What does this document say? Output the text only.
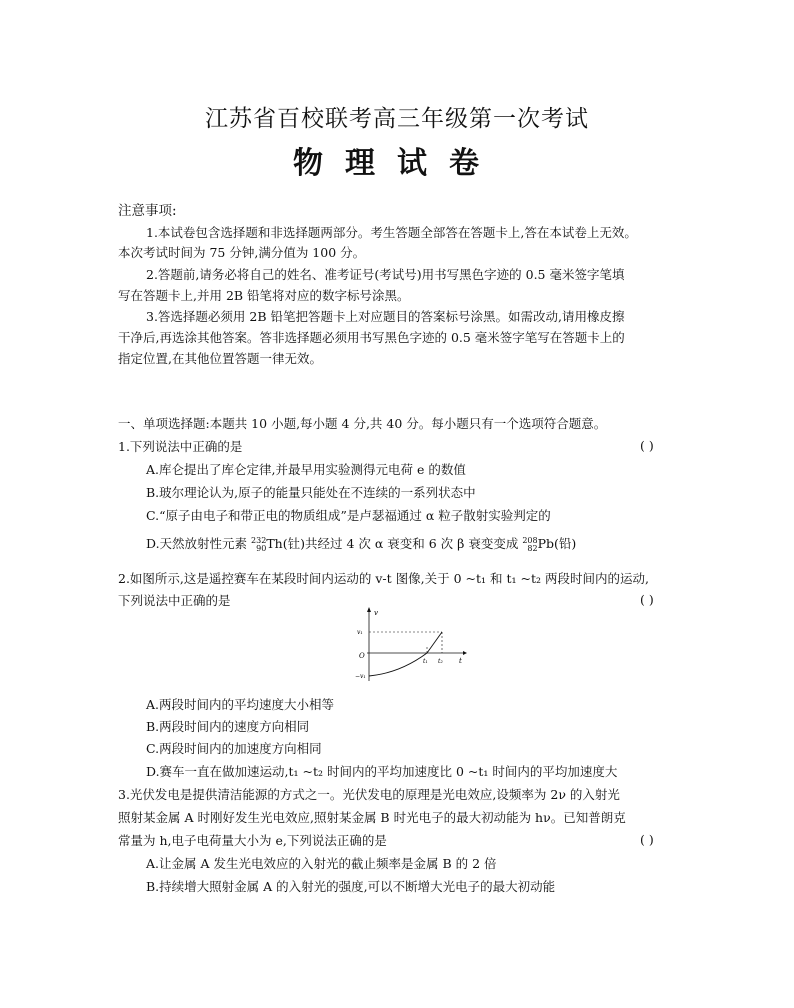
江苏省百校联考高三年级第一次考试
物理试卷
注意事项:
1.本试卷包含选择题和非选择题两部分。考生答题全部答在答题卡上,答在本试卷上无效。
本次考试时间为 75 分钟,满分值为 100 分。
2.答题前,请务必将自己的姓名、准考证号(考试号)用书写黑色字迹的 0.5 毫米签字笔填
写在答题卡上,并用 2B 铅笔将对应的数字标号涂黑。
3.答选择题必须用 2B 铅笔把答题卡上对应题目的答案标号涂黑。如需改动,请用橡皮擦
干净后,再选涂其他答案。答非选择题必须用书写黑色字迹的 0.5 毫米签字笔写在答题卡上的
指定位置,在其他位置答题一律无效。
一、单项选择题:本题共 10 小题,每小题 4 分,共 40 分。每小题只有一个选项符合题意。
1.下列说法中正确的是	( )
A.库仑提出了库仑定律,并最早用实验测得元电荷 e 的数值
B.玻尔理论认为,原子的能量只能处在不连续的一系列状态中
C.“原子由电子和带正电的物质组成”是卢瑟福通过 α 粒子散射实验判定的
D.天然放射性元素 232
90 Th(钍)共经过 4 次 α 衰变和 6 次 β 衰变变成 208
82 Pb(铅)
2.如图所示,这是遥控赛车在某段时间内运动的 v-t 图像,关于 0 ~t₁ 和 t₁ ~t₂ 两段时间内的运动,
下列说法中正确的是	( )
v
t
O
v₁
−v₁
t₁ t₂
A.两段时间内的平均速度大小相等
B.两段时间内的速度方向相同
C.两段时间内的加速度方向相同
D.赛车一直在做加速运动,t₁ ~t₂ 时间内的平均加速度比 0 ~t₁ 时间内的平均加速度大
3.光伏发电是提供清洁能源的方式之一。光伏发电的原理是光电效应,设频率为 2ν 的入射光
照射某金属 A 时刚好发生光电效应,照射某金属 B 时光电子的最大初动能为 hν。已知普朗克
常量为 h,电子电荷量大小为 e,下列说法正确的是	( )
A.让金属 A 发生光电效应的入射光的截止频率是金属 B 的 2 倍
B.持续增大照射金属 A 的入射光的强度,可以不断增大光电子的最大初动能
